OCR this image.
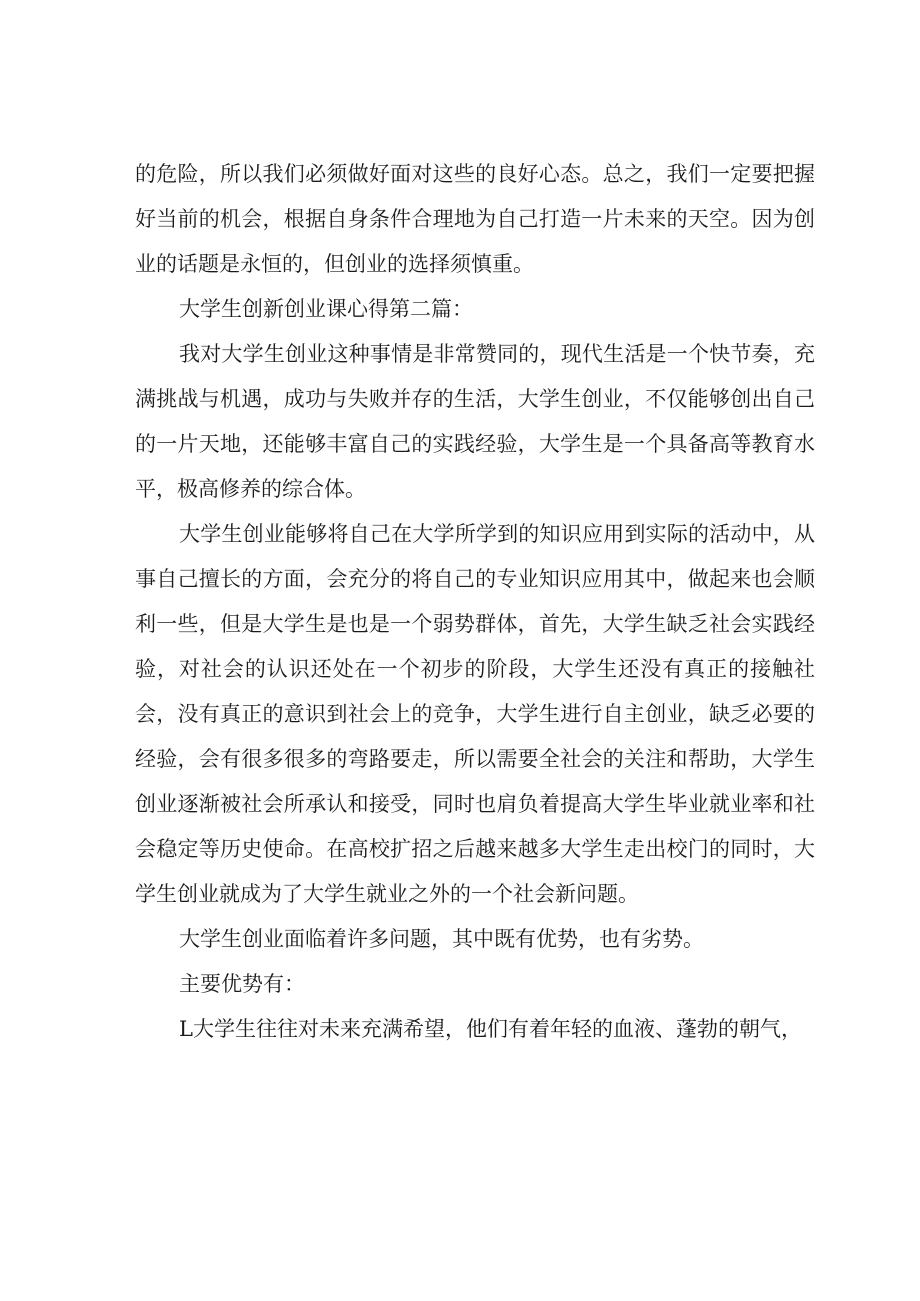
的危险，所以我们必须做好面对这些的良好心态。总之，我们一定要把握好当前的机会，根据自身条件合理地为自己打造一片未来的天空。因为创业的话题是永恒的，但创业的选择须慎重。

大学生创新创业课心得第二篇：

我对大学生创业这种事情是非常赞同的，现代生活是一个快节奏，充满挑战与机遇，成功与失败并存的生活，大学生创业，不仅能够创出自己的一片天地，还能够丰富自己的实践经验，大学生是一个具备高等教育水平，极高修养的综合体。

大学生创业能够将自己在大学所学到的知识应用到实际的活动中，从事自己擅长的方面，会充分的将自己的专业知识应用其中，做起来也会顺利一些，但是大学生是也是一个弱势群体，首先，大学生缺乏社会实践经验，对社会的认识还处在一个初步的阶段，大学生还没有真正的接触社会，没有真正的意识到社会上的竞争，大学生进行自主创业，缺乏必要的经验，会有很多很多的弯路要走，所以需要全社会的关注和帮助，大学生创业逐渐被社会所承认和接受，同时也肩负着提高大学生毕业就业率和社会稳定等历史使命。在高校扩招之后越来越多大学生走出校门的同时，大学生创业就成为了大学生就业之外的一个社会新问题。

大学生创业面临着许多问题，其中既有优势，也有劣势。

主要优势有：

L大学生往往对未来充满希望，他们有着年轻的血液、蓬勃的朝气，
